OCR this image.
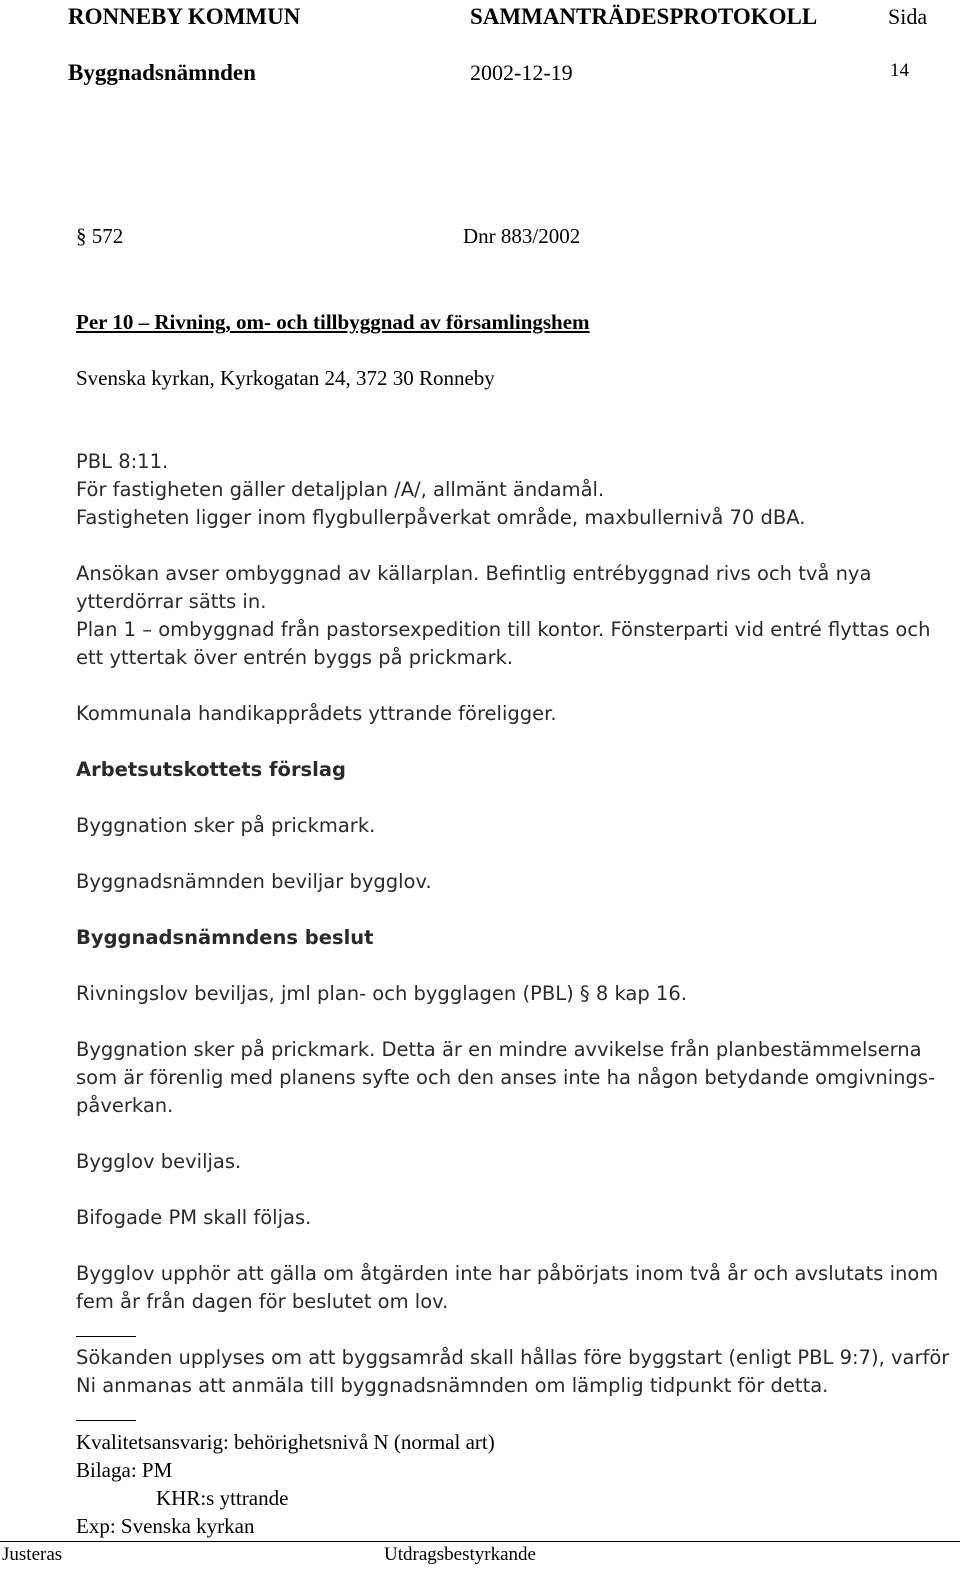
RONNEBY KOMMUN	SAMMANTRÄDESPROTOKOLL	Sida
Byggnadsnämnden	2002-12-19	14
§ 572	Dnr 883/2002
Per 10 – Rivning, om- och tillbyggnad av församlingshem
Svenska kyrkan, Kyrkogatan 24, 372 30 Ronneby
PBL 8:11.
För fastigheten gäller detaljplan /A/, allmänt ändamål.
Fastigheten ligger inom flygbullerpåverkat område, maxbullernivå 70 dBA.
Ansökan avser ombyggnad av källarplan. Befintlig entrébyggnad rivs och två nya
ytterdörrar sätts in.
Plan 1 – ombyggnad från pastorsexpedition till kontor. Fönsterparti vid entré flyttas och
ett yttertak över entrén byggs på prickmark.
Kommunala handikapprådets yttrande föreligger.
Arbetsutskottets förslag
Byggnation sker på prickmark.
Byggnadsnämnden beviljar bygglov.
Byggnadsnämndens beslut
Rivningslov beviljas, jml plan- och bygglagen (PBL) § 8 kap 16.
Byggnation sker på prickmark. Detta är en mindre avvikelse från planbestämmelserna
som är förenlig med planens syfte och den anses inte ha någon betydande omgivnings-
påverkan.
Bygglov beviljas.
Bifogade PM skall följas.
Bygglov upphör att gälla om åtgärden inte har påbörjats inom två år och avslutats inom
fem år från dagen för beslutet om lov.
Sökanden upplyses om att byggsamråd skall hållas före byggstart (enligt PBL 9:7), varför
Ni anmanas att anmäla till byggnadsnämnden om lämplig tidpunkt för detta.
Kvalitetsansvarig: behörighetsnivå N (normal art)
Bilaga: PM
KHR:s yttrande
Exp: Svenska kyrkan
Justeras	Utdragsbestyrkande
